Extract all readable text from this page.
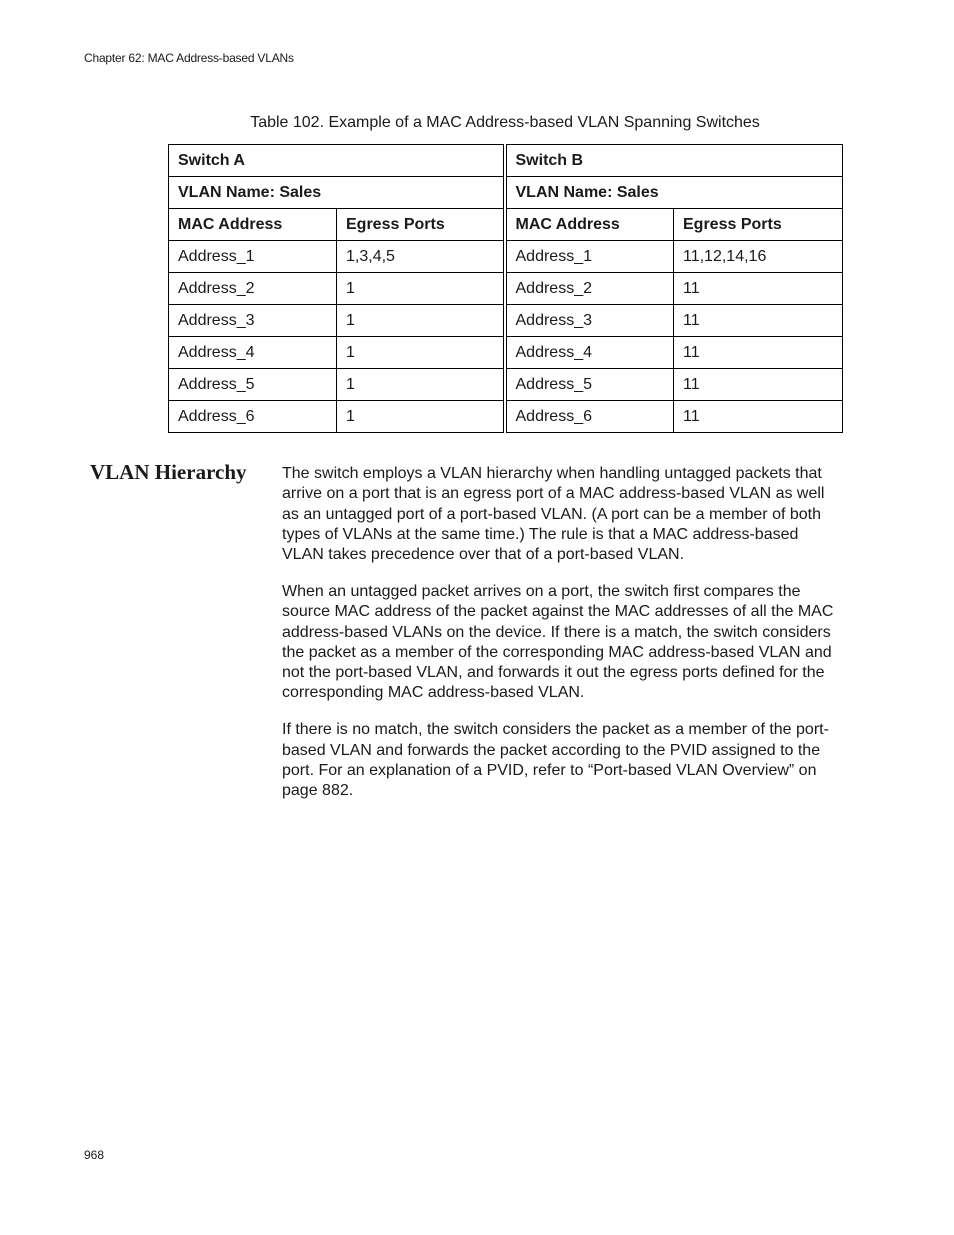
Chapter 62: MAC Address-based VLANs
Table 102. Example of a MAC Address-based VLAN Spanning Switches
Switch A		Switch B	
VLAN Name: Sales		VLAN Name: Sales	
MAC Address	Egress Ports	MAC Address	Egress Ports
Address_1	1,3,4,5	Address_1	11,12,14,16
Address_2	1	Address_2	11
Address_3	1	Address_3	11
Address_4	1	Address_4	11
Address_5	1	Address_5	11
Address_6	1	Address_6	11
VLAN Hierarchy The switch employs a VLAN hierarchy when handling untagged packets that arrive on a port that is an egress port of a MAC address-based VLAN as well as an untagged port of a port-based VLAN. (A port can be a member of both types of VLANs at the same time.) The rule is that a MAC address-based VLAN takes precedence over that of a port-based VLAN.

When an untagged packet arrives on a port, the switch first compares the source MAC address of the packet against the MAC addresses of all the MAC address-based VLANs on the device. If there is a match, the switch considers the packet as a member of the corresponding MAC address-based VLAN and not the port-based VLAN, and forwards it out the egress ports defined for the corresponding MAC address-based VLAN.

If there is no match, the switch considers the packet as a member of the port-based VLAN and forwards the packet according to the PVID assigned to the port. For an explanation of a PVID, refer to “Port-based VLAN Overview” on page 882.

968
